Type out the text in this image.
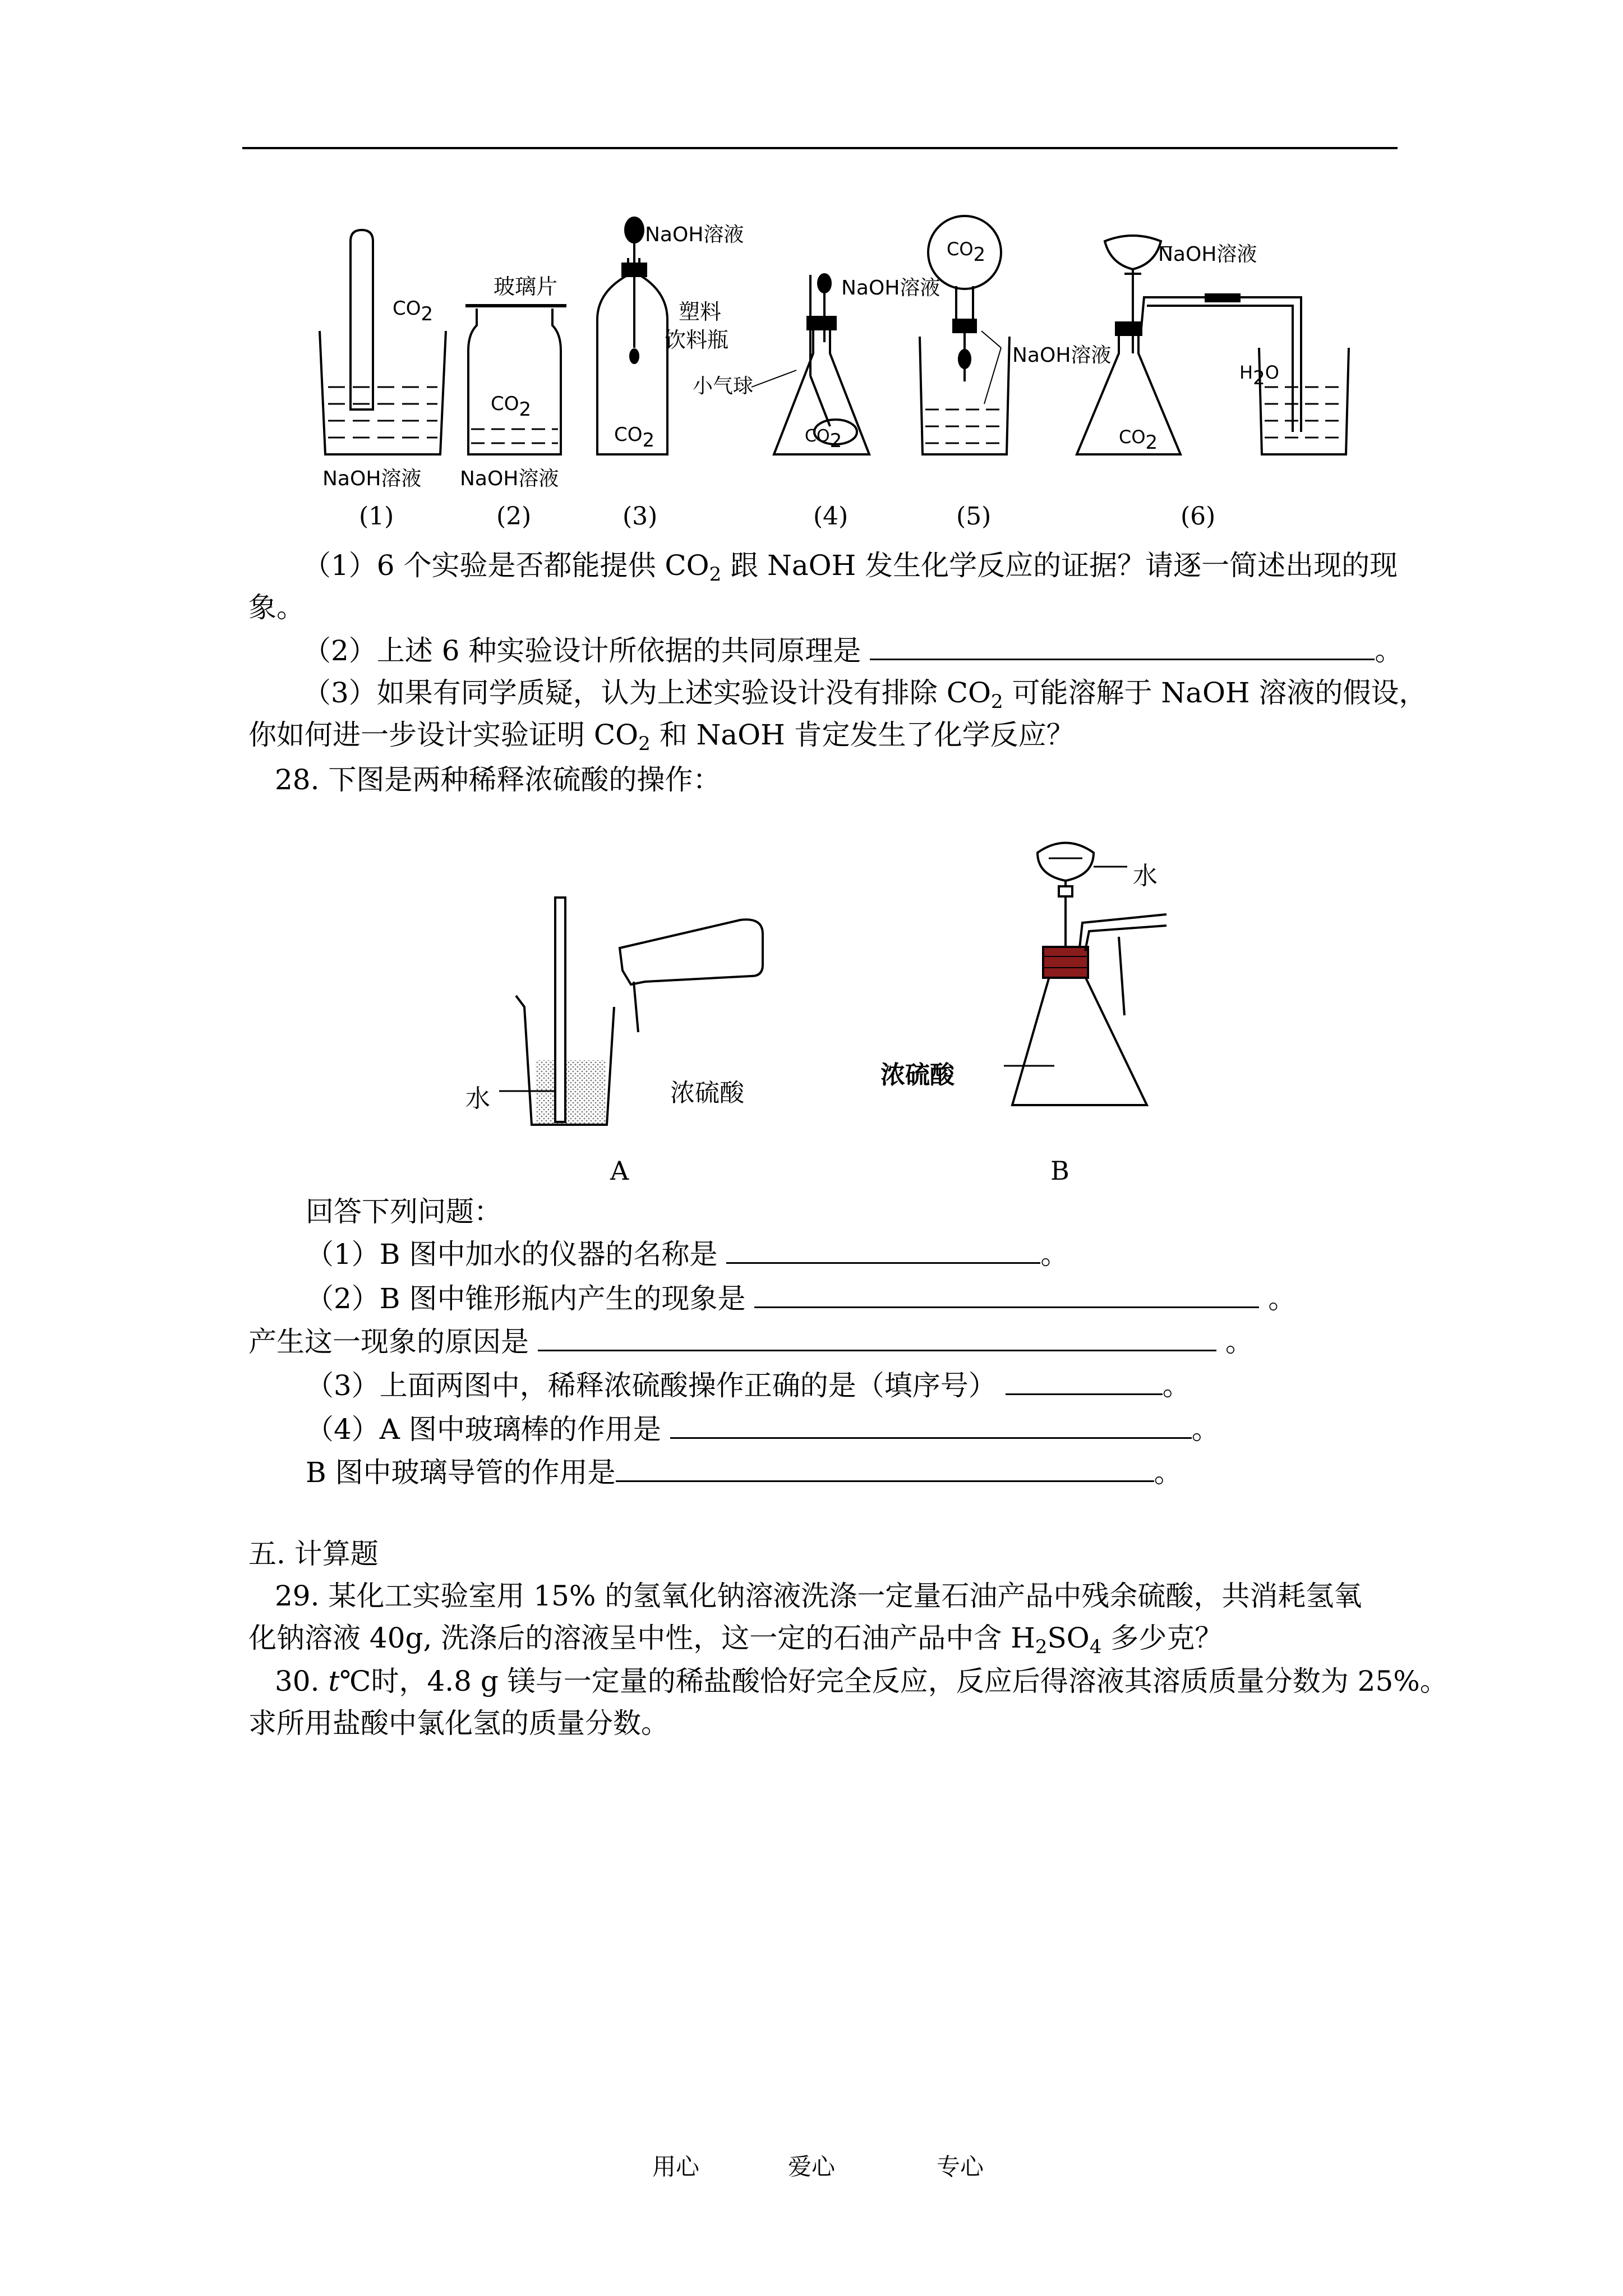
CO2
NaOH溶液
玻璃片
CO2
NaOH溶液
NaOH溶液
塑料
饮料瓶
CO2
NaOH溶液
小气球
CO2
CO2
NaOH溶液
NaOH溶液
CO2
H2O
(1)	(2)	(3)	(4)	(5)	(6)
（1）6 个实验是否都能提供 $CO_2$ 跟 NaOH 发生化学反应的证据？请逐一简述出现的现
象。
（2）上述 6 种实验设计所依据的共同原理是	。
（3）如果有同学质疑，认为上述实验设计没有排除 $CO_2$ 可能溶解于 NaOH 溶液的假设，
你如何进一步设计实验证明 $CO_2$ 和 NaOH 肯定发生了化学反应？
28. 下图是两种稀释浓硫酸的操作：
水	浓硫酸
A
水
浓硫酸
B
回答下列问题：
（1）B 图中加水的仪器的名称是	。
（2）B 图中锥形瓶内产生的现象是	。
产生这一现象的原因是	。
（3）上面两图中，稀释浓硫酸操作正确的是（填序号）	。
（4）A 图中玻璃棒的作用是	。
B 图中玻璃导管的作用是	。
五. 计算题
29. 某化工实验室用 15% 的氢氧化钠溶液洗涤一定量石油产品中残余硫酸，共消耗氢氧
化钠溶液 40g, 洗涤后的溶液呈中性，这一定的石油产品中含 $H_2SO_4$ 多少克？
30. t℃时，4.8 g 镁与一定量的稀盐酸恰好完全反应，反应后得溶液其溶质质量分数为 25%。
求所用盐酸中氯化氢的质量分数。
用心	爱心	专心
